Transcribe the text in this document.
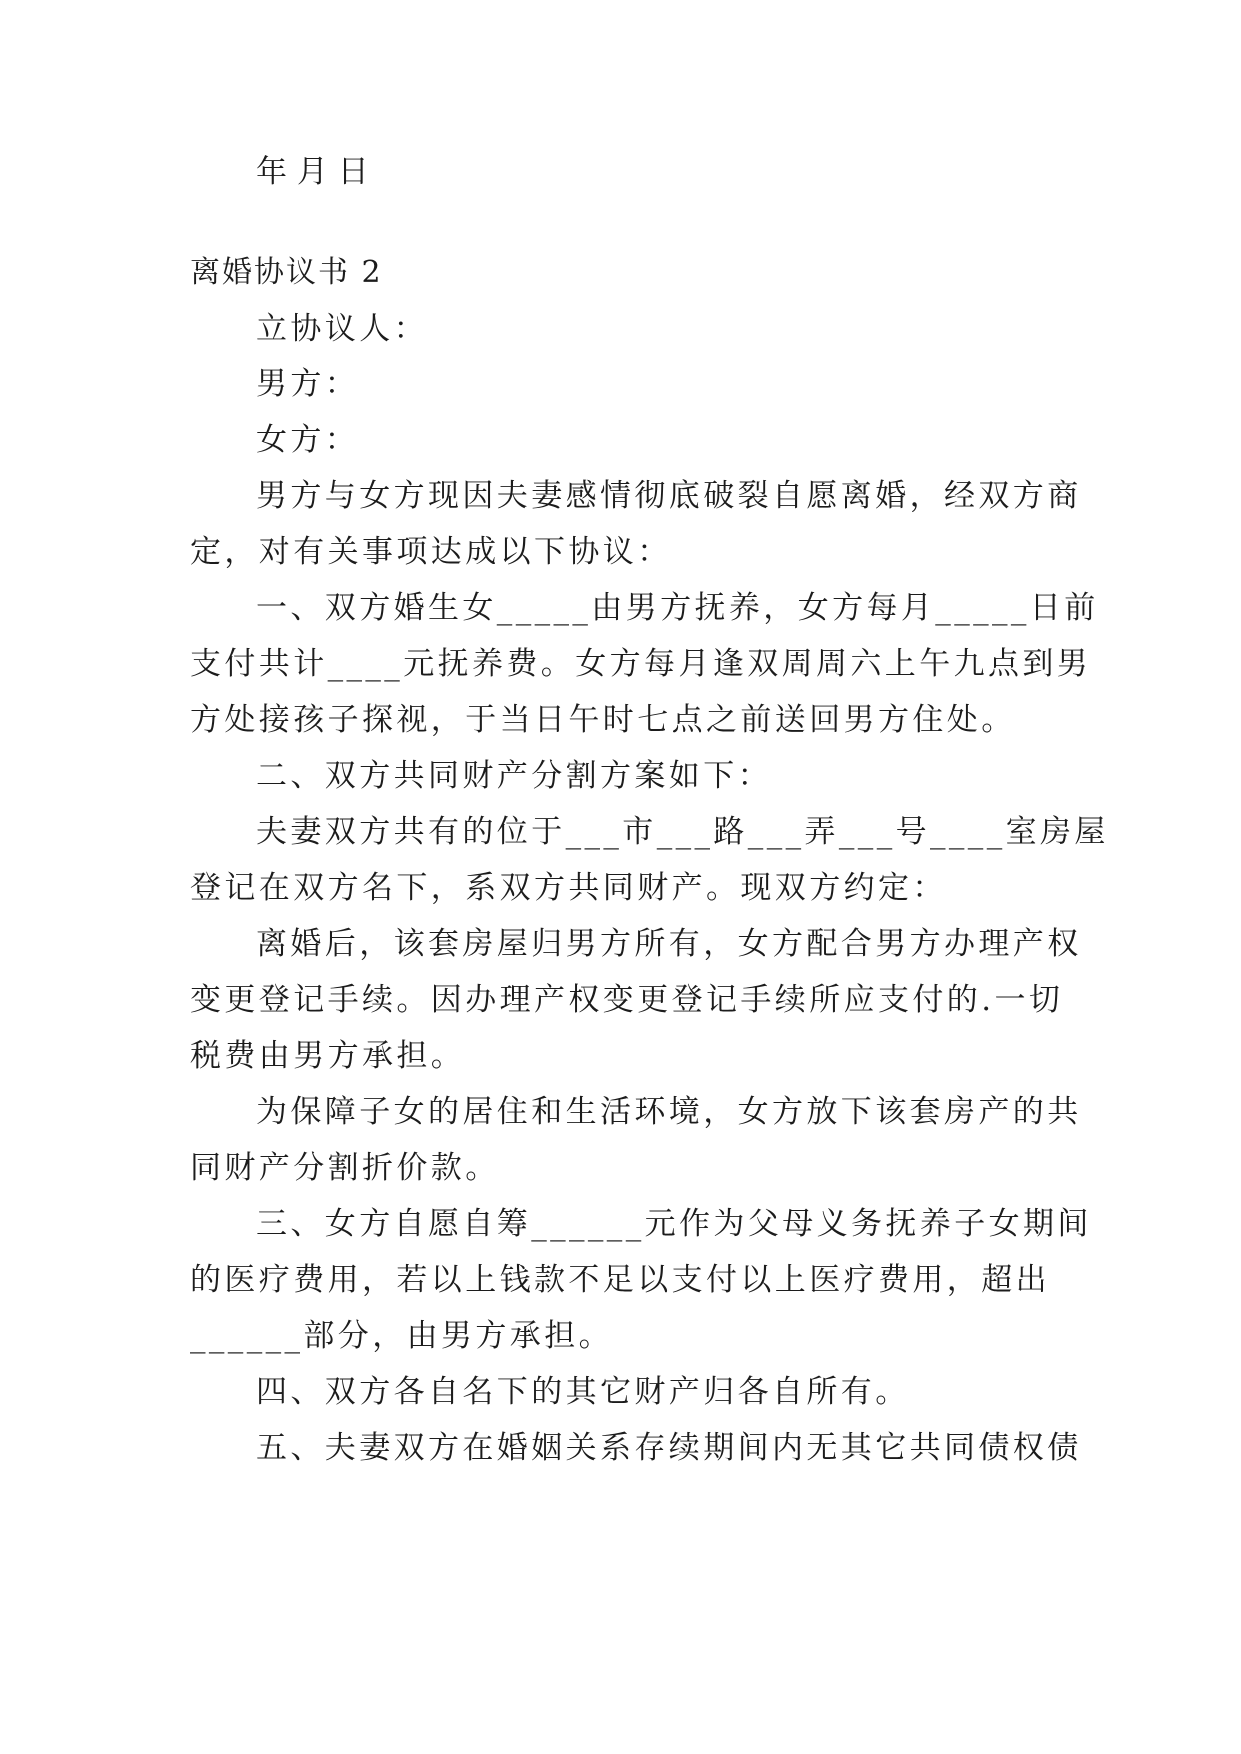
年 月 日
离婚协议书 2
立协议人：
男方：
女方：
男方与女方现因夫妻感情彻底破裂自愿离婚，经双方商
定，对有关事项达成以下协议：
一、双方婚生女_____由男方抚养，女方每月_____日前
支付共计____元抚养费。女方每月逢双周周六上午九点到男
方处接孩子探视，于当日午时七点之前送回男方住处。
二、双方共同财产分割方案如下：
夫妻双方共有的位于___市___路___弄___号____室房屋
登记在双方名下，系双方共同财产。现双方约定：
离婚后，该套房屋归男方所有，女方配合男方办理产权
变更登记手续。因办理产权变更登记手续所应支付的.一切
税费由男方承担。
为保障子女的居住和生活环境，女方放下该套房产的共
同财产分割折价款。
三、女方自愿自筹______元作为父母义务抚养子女期间
的医疗费用，若以上钱款不足以支付以上医疗费用，超出
______部分，由男方承担。
四、双方各自名下的其它财产归各自所有。
五、夫妻双方在婚姻关系存续期间内无其它共同债权债
